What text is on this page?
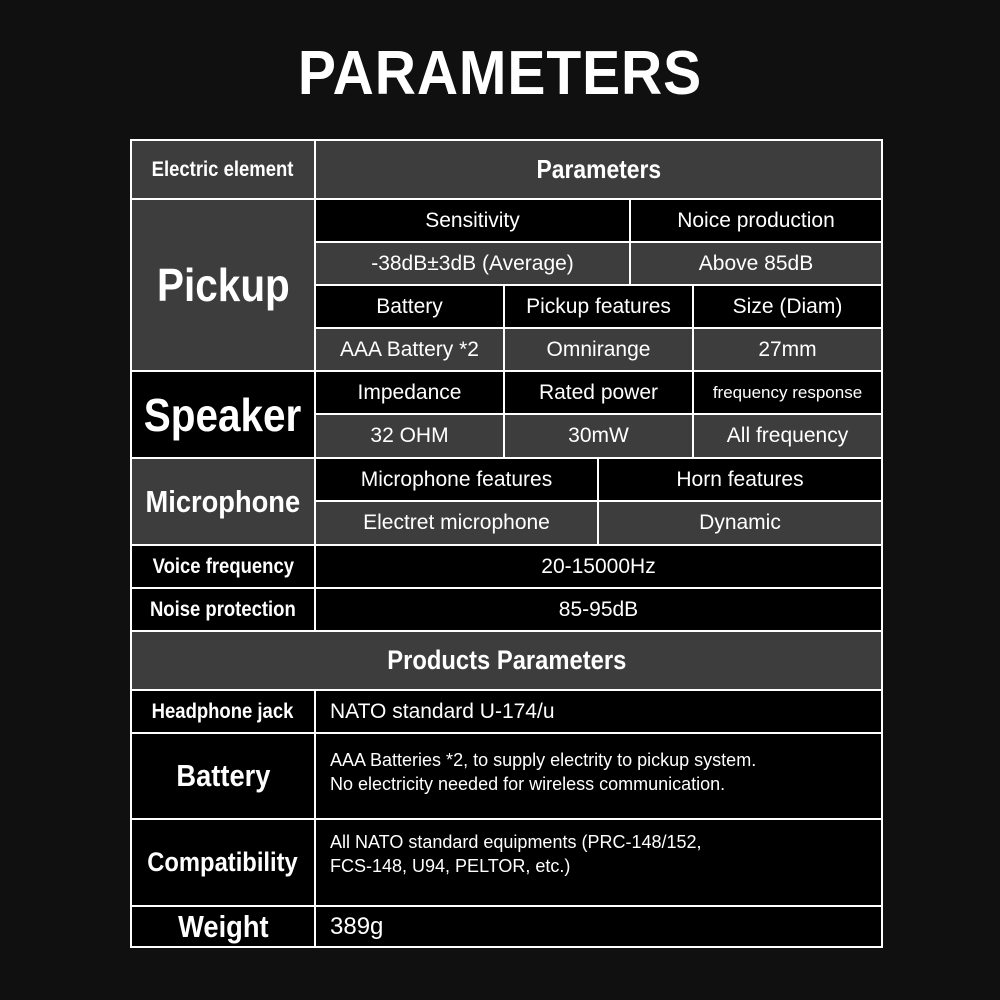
PARAMETERS
Electric element	Parameters
Pickup
Sensitivity	Noice production
-38dB±3dB (Average)	Above 85dB
Battery	Pickup features	Size (Diam)
AAA Battery *2	Omnirange	27mm
Speaker	Impedance	Rated power	frequency response
32 OHM	30mW	All frequency
Microphone
Microphone features	Horn features
Electret microphone	Dynamic
Voice frequency	20-15000Hz
Noise protection	85-95dB
Products Parameters
Headphone jack	NATO standard U-174/u
Battery	AAA Batteries *2, to supply electrity to pickup system.
No electricity needed for wireless communication.
Compatibility
All NATO standard equipments (PRC-148/152,
FCS-148, U94, PELTOR, etc.)
Weight	389g
